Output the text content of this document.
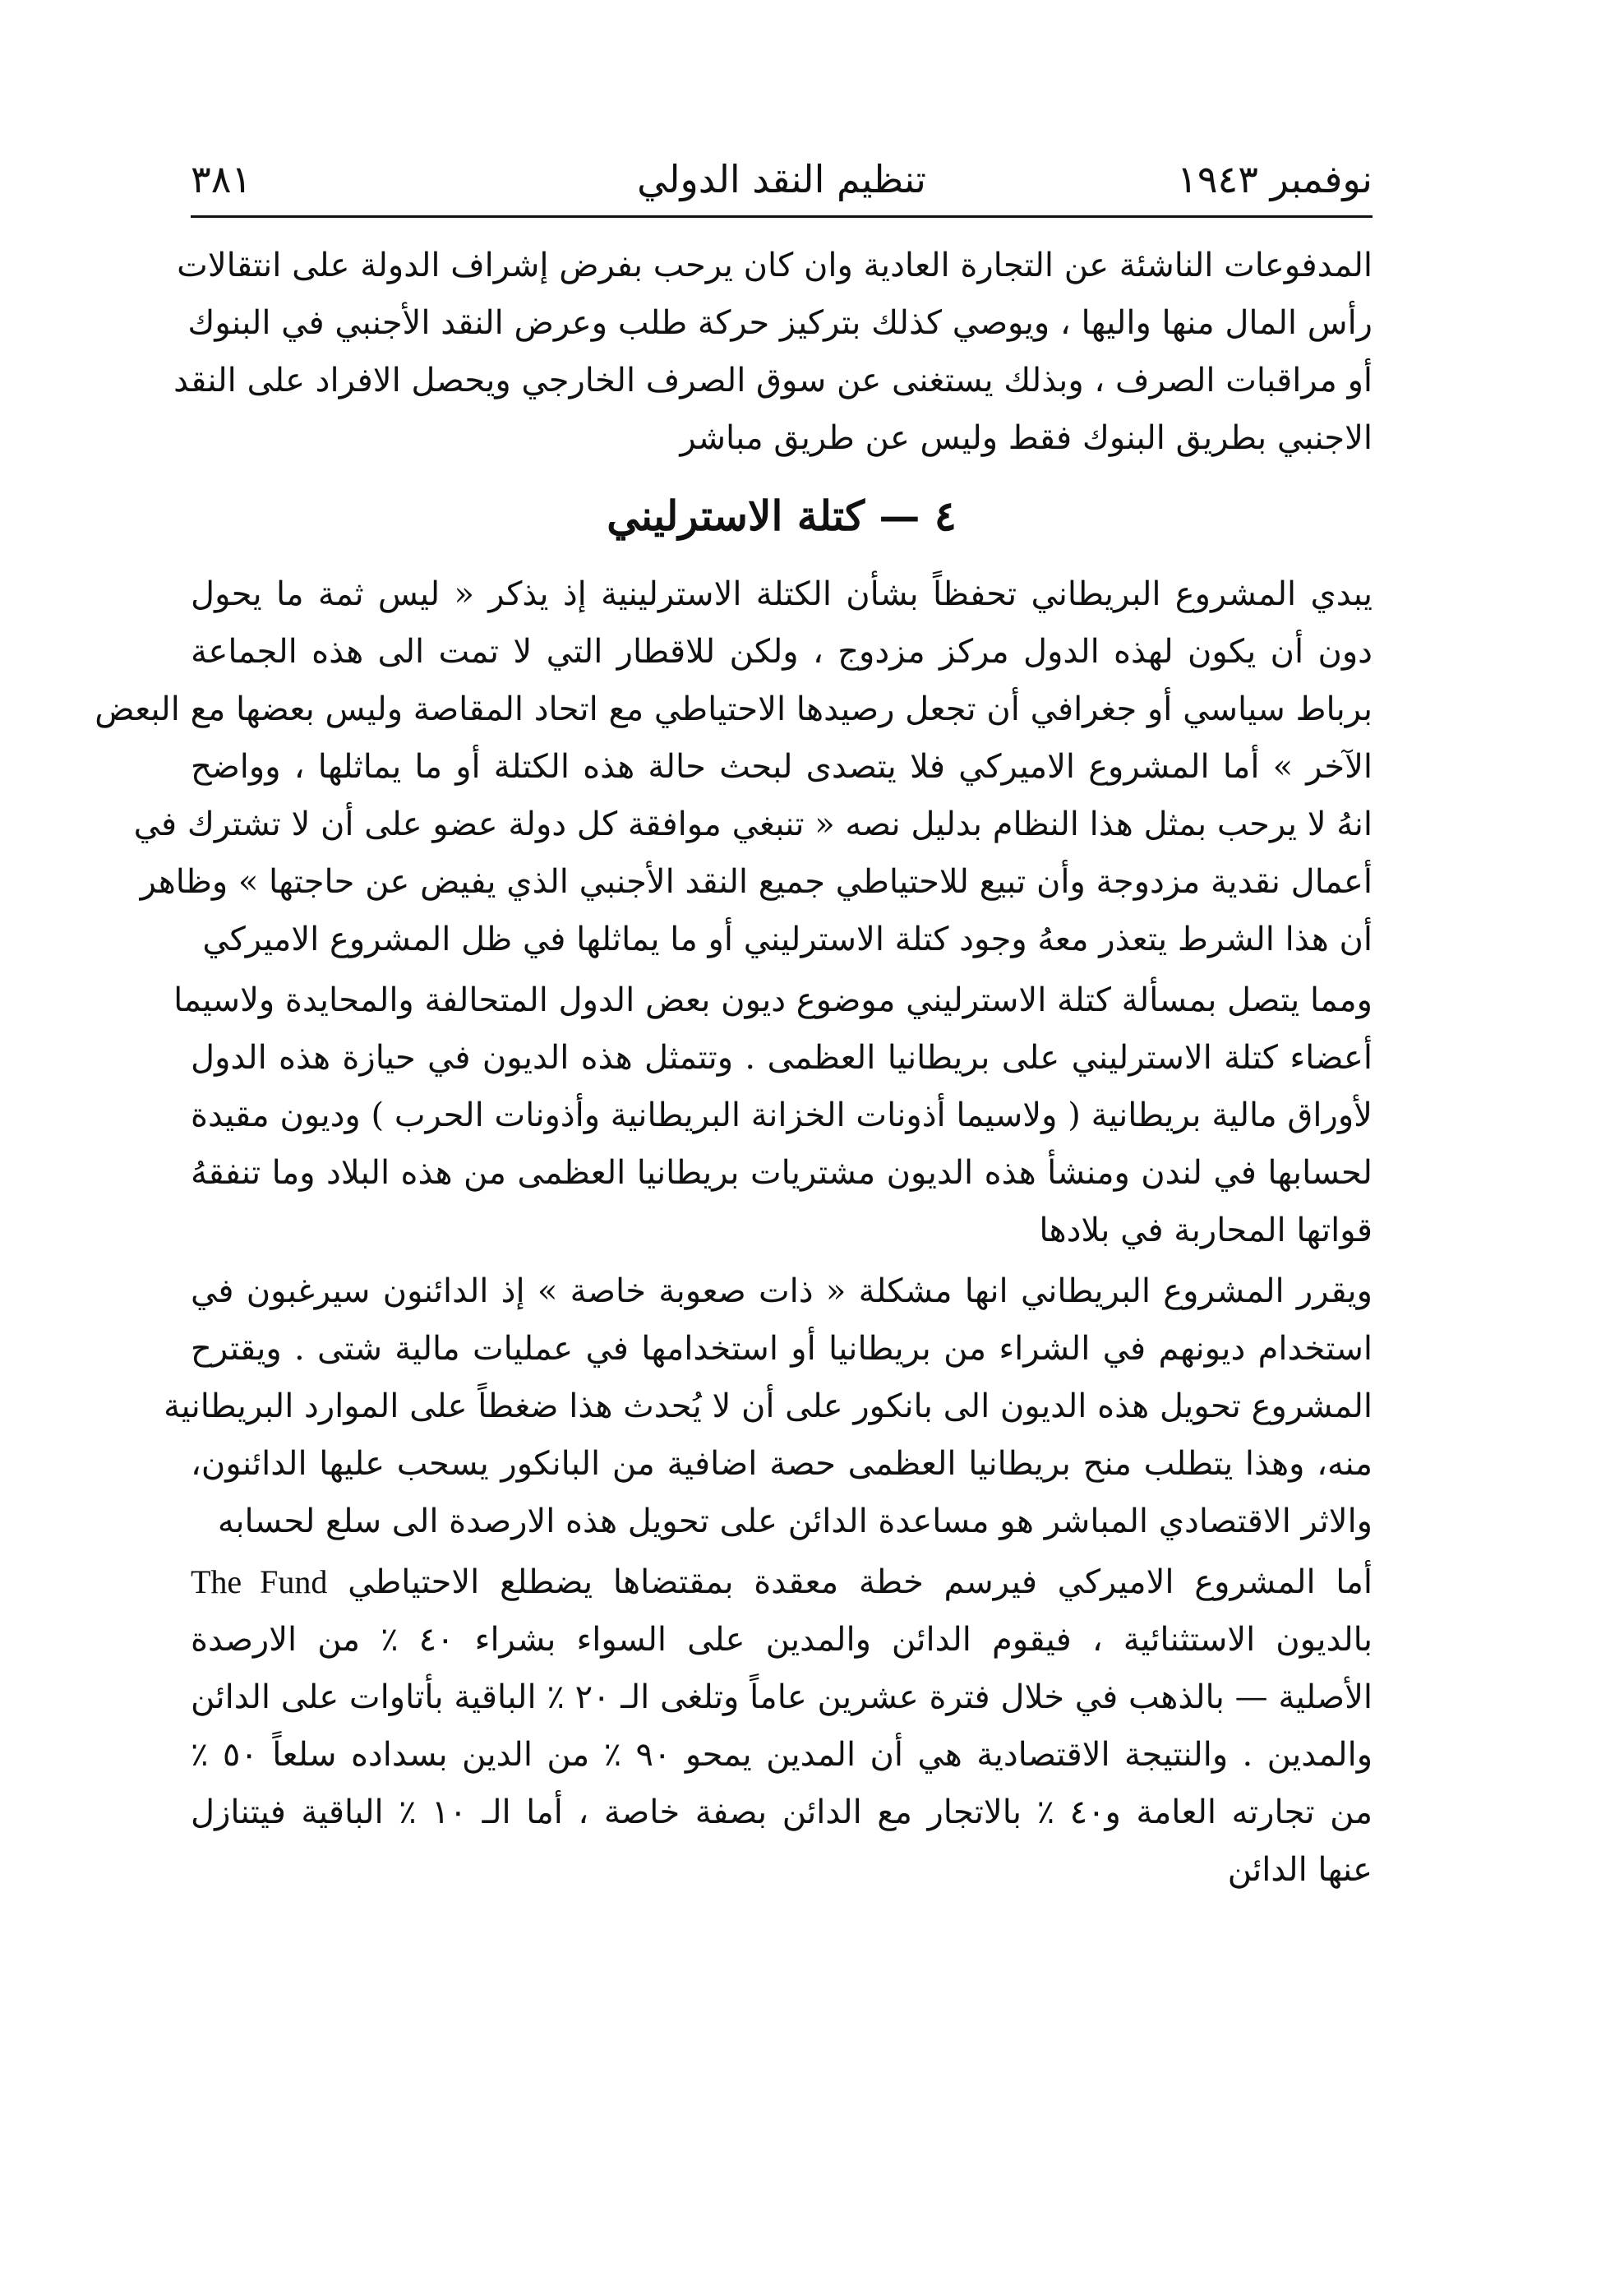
نوفمبر ١٩٤٣
تنظيم النقد الدولي
٣٨١
المدفوعات الناشئة عن التجارة العادية وان كان يرحب بفرض إشراف الدولة على انتقالات
رأس المال منها واليها ، ويوصي كذلك بتركيز حركة طلب وعرض النقد الأجنبي في البنوك
أو مراقبات الصرف ، وبذلك يستغنى عن سوق الصرف الخارجي ويحصل الافراد على النقد
الاجنبي بطريق البنوك فقط وليس عن طريق مباشر
٤ — كتلة الاسترليني
يبدي المشروع البريطاني تحفظاً بشأن الكتلة الاسترلينية إذ يذكر « ليس ثمة ما يحول
دون أن يكون لهذه الدول مركز مزدوج ، ولكن للاقطار التي لا تمت الى هذه الجماعة
برباط سياسي أو جغرافي أن تجعل رصيدها الاحتياطي مع اتحاد المقاصة وليس بعضها مع البعض
الآخر » أما المشروع الاميركي فلا يتصدى لبحث حالة هذه الكتلة أو ما يماثلها ، وواضح
انهُ لا يرحب بمثل هذا النظام بدليل نصه « تنبغي موافقة كل دولة عضو على أن لا تشترك في
أعمال نقدية مزدوجة وأن تبيع للاحتياطي جميع النقد الأجنبي الذي يفيض عن حاجتها » وظاهر
أن هذا الشرط يتعذر معهُ وجود كتلة الاسترليني أو ما يماثلها في ظل المشروع الاميركي
ومما يتصل بمسألة كتلة الاسترليني موضوع ديون بعض الدول المتحالفة والمحايدة ولاسيما
أعضاء كتلة الاسترليني على بريطانيا العظمى . وتتمثل هذه الديون في حيازة هذه الدول
لأوراق مالية بريطانية ( ولاسيما أذونات الخزانة البريطانية وأذونات الحرب ) وديون مقيدة
لحسابها في لندن ومنشأ هذه الديون مشتريات بريطانيا العظمى من هذه البلاد وما تنفقهُ
قواتها المحاربة في بلادها
ويقرر المشروع البريطاني انها مشكلة « ذات صعوبة خاصة » إذ الدائنون سيرغبون في
استخدام ديونهم في الشراء من بريطانيا أو استخدامها في عمليات مالية شتى . ويقترح
المشروع تحويل هذه الديون الى بانكور على أن لا يُحدث هذا ضغطاً على الموارد البريطانية
منه، وهذا يتطلب منح بريطانيا العظمى حصة اضافية من البانكور يسحب عليها الدائنون،
والاثر الاقتصادي المباشر هو مساعدة الدائن على تحويل هذه الارصدة الى سلع لحسابه
أما المشروع الاميركي فيرسم خطة معقدة بمقتضاها يضطلع الاحتياطي The Fund
بالديون الاستثنائية ، فيقوم الدائن والمدين على السواء بشراء ٤٠ ٪ من الارصدة
الأصلية — بالذهب في خلال فترة عشرين عاماً وتلغى الـ ٢٠ ٪ الباقية بأتاوات على الدائن
والمدين . والنتيجة الاقتصادية هي أن المدين يمحو ٩٠ ٪ من الدين بسداده سلعاً ٥٠ ٪
من تجارته العامة و٤٠ ٪ بالاتجار مع الدائن بصفة خاصة ، أما الـ ١٠ ٪ الباقية فيتنازل
عنها الدائن
